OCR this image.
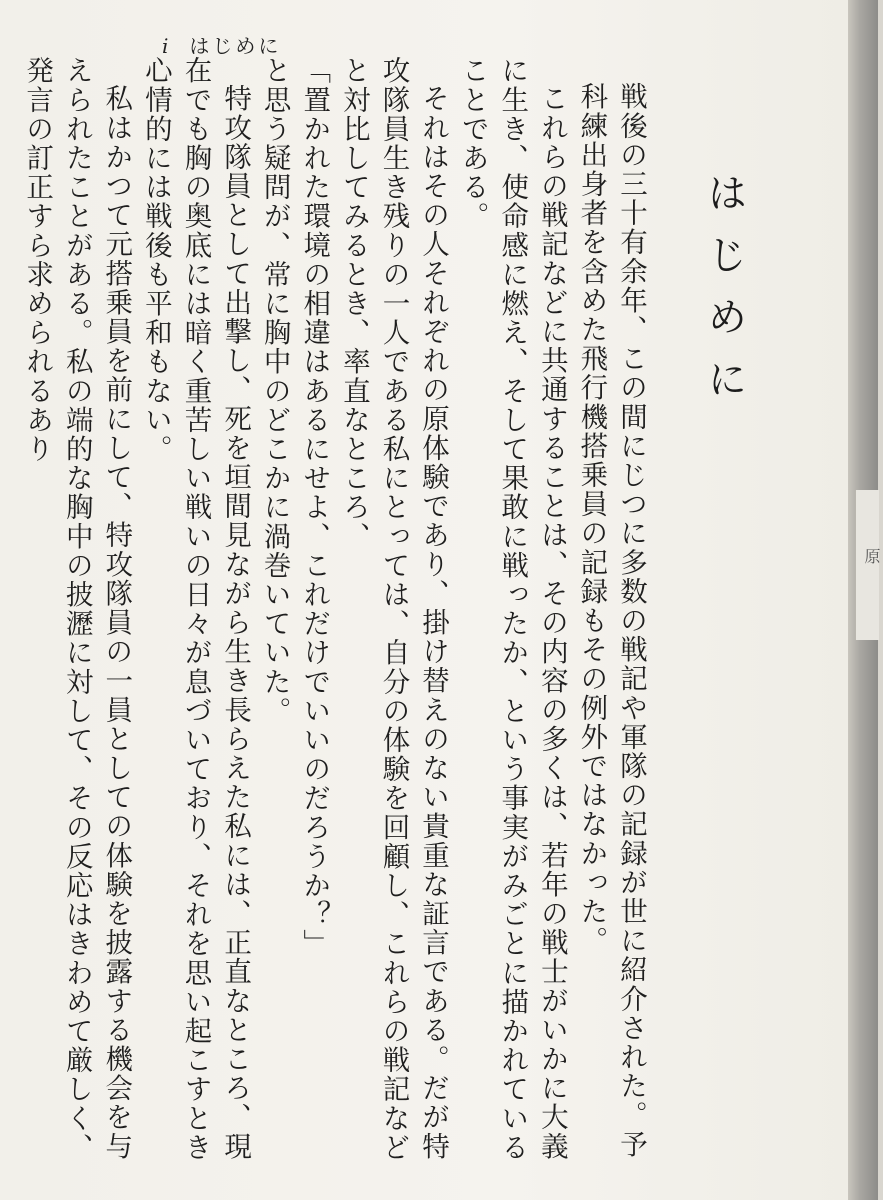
i はじめに
はじめに

戦後の三十有余年、この間にじつに多数の戦記や軍隊の記録が世に紹介された。予科練出身者を含めた飛行機搭乗員の記録もその例外ではなかった。

これらの戦記などに共通することは、その内容の多くは、若年の戦士がいかに大義に生き、使命感に燃え、そして果敢に戦ったか、という事実がみごとに描かれていることである。

それはその人それぞれの原体験であり、掛け替えのない貴重な証言である。だが特攻隊員生き残りの一人である私にとっては、自分の体験を回顧し、これらの戦記などと対比してみるとき、率直なところ、

「置かれた環境の相違はあるにせよ、これだけでいいのだろうか？」

と思う疑問が、常に胸中のどこかに渦巻いていた。

特攻隊員として出撃し、死を垣間見ながら生き長らえた私には、正直なところ、現在でも胸の奥底には暗く重苦しい戦いの日々が息づいており、それを思い起こすとき心情的には戦後も平和もない。

私はかつて元搭乗員を前にして、特攻隊員の一員としての体験を披露する機会を与えられたことがある。私の端的な胸中の披瀝に対して、その反応はきわめて厳しく、発言の訂正すら求められるあり

原
